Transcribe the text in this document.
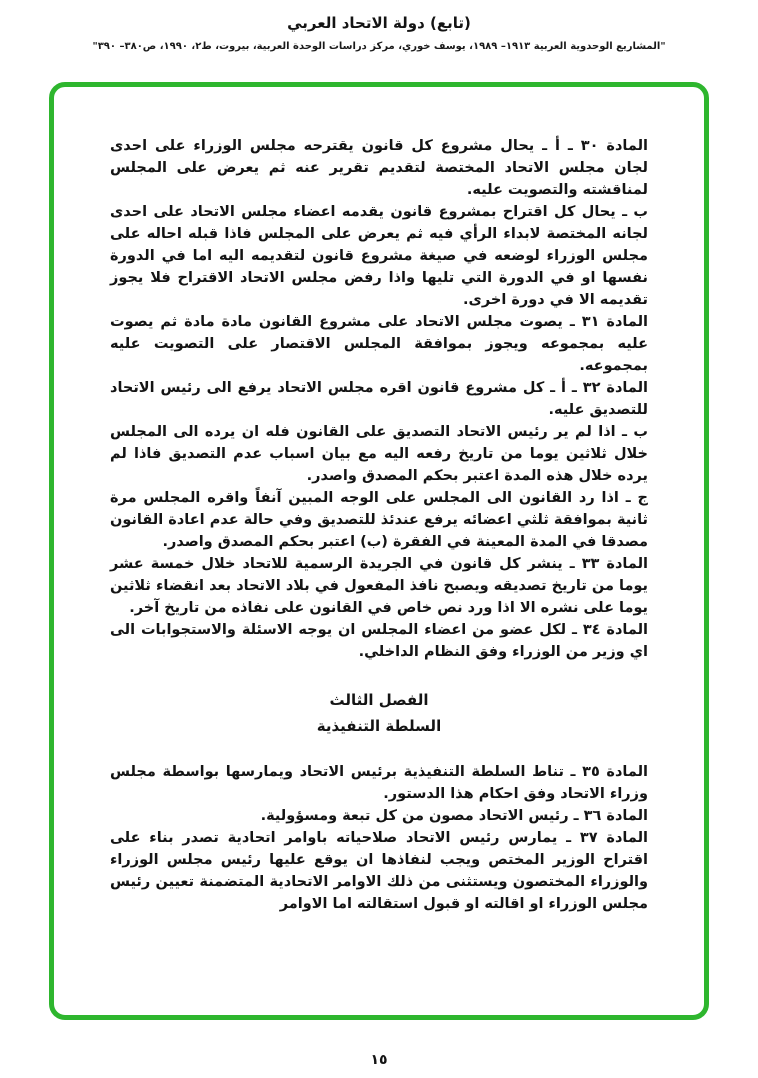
(تابع) دولة الاتحاد العربي
"المشاريع الوحدوية العربية ١٩١٣– ١٩٨٩، يوسف خوري، مركز دراسات الوحدة العربية، بيروت، ط٢، ١٩٩٠، ص٣٨٠– ٣٩٠"

المادة ٣٠ ـ أ ـ يحال مشروع كل قانون يقترحه مجلس الوزراء على احدى لجان مجلس الاتحاد المختصة لتقديم تقرير عنه ثم يعرض على المجلس لمناقشته والتصويت عليه.

ب ـ يحال كل اقتراح بمشروع قانون يقدمه اعضاء مجلس الاتحاد على احدى لجانه المختصة لابداء الرأي فيه ثم يعرض على المجلس فاذا قبله احاله على مجلس الوزراء لوضعه في صيغة مشروع قانون لتقديمه اليه اما في الدورة نفسها او في الدورة التي تليها واذا رفض مجلس الاتحاد الاقتراح فلا يجوز تقديمه الا في دورة اخرى.

المادة ٣١ ـ يصوت مجلس الاتحاد على مشروع القانون مادة مادة ثم يصوت عليه بمجموعه ويجوز بموافقة المجلس الاقتصار على التصويت عليه بمجموعه.

المادة ٣٢ ـ أ ـ كل مشروع قانون اقره مجلس الاتحاد يرفع الى رئيس الاتحاد للتصديق عليه.

ب ـ اذا لم ير رئيس الاتحاد التصديق على القانون فله ان يرده الى المجلس خلال ثلاثين يوما من تاريخ رفعه اليه مع بيان اسباب عدم التصديق فاذا لم يرده خلال هذه المدة اعتبر بحكم المصدق واصدر.

ج ـ اذا رد القانون الى المجلس على الوجه المبين آنفاً واقره المجلس مرة ثانية بموافقة ثلثي اعضائه يرفع عندئذ للتصديق وفي حالة عدم اعادة القانون مصدقا في المدة المعينة في الفقرة (ب) اعتبر بحكم المصدق واصدر.

المادة ٣٣ ـ ينشر كل قانون في الجريدة الرسمية للاتحاد خلال خمسة عشر يوما من تاريخ تصديقه ويصبح نافذ المفعول في بلاد الاتحاد بعد انقضاء ثلاثين يوما على نشره الا اذا ورد نص خاص في القانون على نفاذه من تاريخ آخر.

المادة ٣٤ ـ لكل عضو من اعضاء المجلس ان يوجه الاسئلة والاستجوابات الى اي وزير من الوزراء وفق النظام الداخلي.

الفصل الثالث
السلطة التنفيذية

المادة ٣٥ ـ تناط السلطة التنفيذية برئيس الاتحاد ويمارسها بواسطة مجلس وزراء الاتحاد وفق احكام هذا الدستور.

المادة ٣٦ ـ رئيس الاتحاد مصون من كل تبعة ومسؤولية.

المادة ٣٧ ـ يمارس رئيس الاتحاد صلاحياته باوامر اتحادية تصدر بناء على اقتراح الوزير المختص ويجب لنفاذها ان يوقع عليها رئيس مجلس الوزراء والوزراء المختصون ويستثنى من ذلك الاوامر الاتحادية المتضمنة تعيين رئيس مجلس الوزراء او اقالته او قبول استقالته اما الاوامر

١٥
